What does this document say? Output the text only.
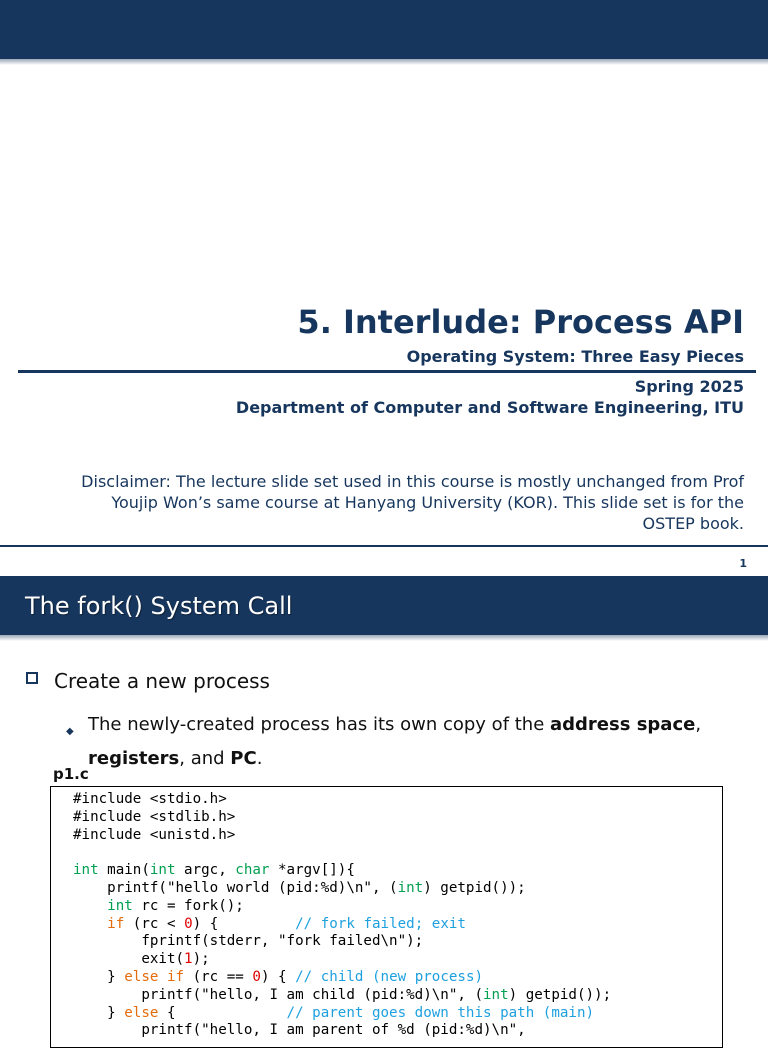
5. Interlude: Process API
Operating System: Three Easy Pieces
Spring 2025
Department of Computer and Software Engineering, ITU
Disclaimer: The lecture slide set used in this course is mostly unchanged from Prof Youjip Won’s same course at Hanyang University (KOR). This slide set is for the OSTEP book.
1
The fork() System Call
Create a new process
◆ The newly-created process has its own copy of the address space,
registers, and PC.
p1.c
#include <stdio.h>
#include <stdlib.h>
#include <unistd.h>

int main(int argc, char *argv[]){
printf("hello world (pid:%d)\n", (int) getpid());
int rc = fork();
if (rc < 0) {         // fork failed; exit
fprintf(stderr, "fork failed\n");
exit(1);
} else if (rc == 0) { // child (new process)
printf("hello, I am child (pid:%d)\n", (int) getpid());
} else {             // parent goes down this path (main)
printf("hello, I am parent of %d (pid:%d)\n",
